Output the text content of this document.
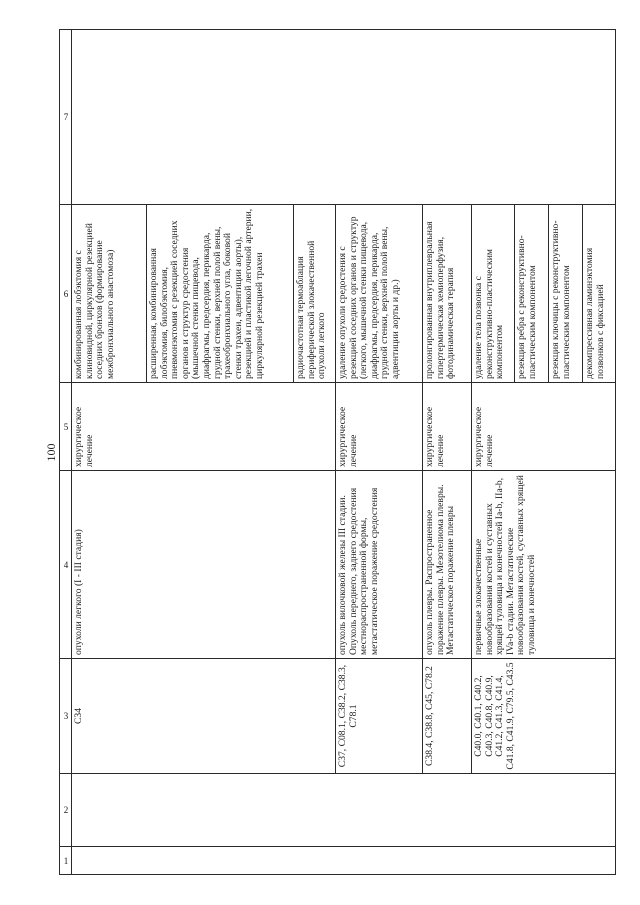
100
1	2	3	4	5	6	7
		С34	опухоли легкого (I - III стадия)	хирургическое лечение	комбинированная лобэктомия с клиновидной, циркулярной резекцией соседних бронхов (формирование межбронхиального анастомоза)	
					расширенная, комбинированная лобэктомия, билобэктомия, пневмонэктомия с резекцией соседних органов и структур средостения (мышечной стенки пищевода, диафрагмы, предсердия, перикарда, грудной стенки, верхней полой вены, трахеобронхиального угла, боковой стенки трахеи, адвентиции аорты), резекцией и пластикой легочной артерии, циркулярной резекцией трахеи	
					радиочастотная термоаблация периферической злокачественной опухоли легкого	
		С37, С08.1, С38.2, С38.3, С78.1	опухоль вилочковой железы III стадии. Опухоль переднего, заднего средостения местнораспространенной формы, метастатическое поражение средостения	хирургическое лечение	удаление опухоли средостения с резекцией соседних органов и структур (легкого, мышечной стенки пищевода, диафрагмы, предсердия, перикарда, грудной стенки, верхней полой вены, адвентиции аорты и др.)	
		С38.4, С38.8, С45, С78.2	опухоль плевры. Распространенное поражение плевры. Мезотелиома плевры. Метастатическое поражение плевры	хирургическое лечение	пролонгированная внутриплевральная гипертермическая хемиоперфузия, фотодинамическая терапия	
		С40.0, С40.1, С40.2, С40.3, С40.8, С40.9, С41.2, С41.3, С41.4, С41.8, С41.9, С79.5, С43.5	первичные злокачественные новообразования костей и суставных хрящей туловища и конечностей Ia-b, IIa-b, IVa-b стадии. Метастатические новообразования костей, суставных хрящей туловища и конечностей	хирургическое лечение	удаление тела позвонка с реконструктивно-пластическим компонентом	
					резекция ребра с реконструктивно-пластическим компонентом	
					резекция ключицы с реконструктивно-пластическим компонентом	
					декомпрессивная ламинэктомия позвонков с фиксацией	
